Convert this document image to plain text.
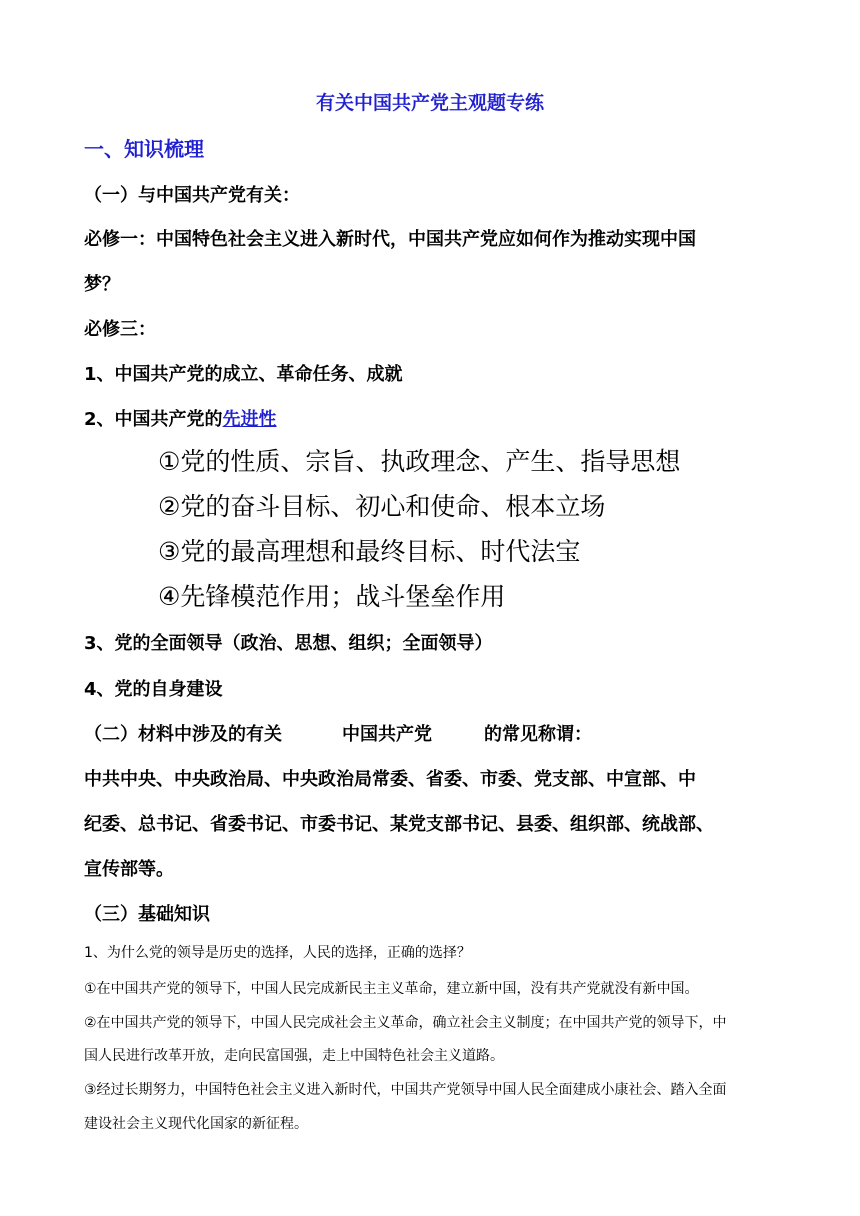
有关中国共产党主观题专练
一、知识梳理
（一）与中国共产党有关：
必修一：中国特色社会主义进入新时代，中国共产党应如何作为推动实现中国
梦？
必修三：
1、中国共产党的成立、革命任务、成就
2、中国共产党的先进性
①党的性质、宗旨、执政理念、产生、指导思想
②党的奋斗目标、初心和使命、根本立场
③党的最高理想和最终目标、时代法宝
④先锋模范作用；战斗堡垒作用
3、党的全面领导（政治、思想、组织；全面领导）
4、党的自身建设
（二）材料中涉及的有关	中国共产党	的常见称谓：
中共中央、中央政治局、中央政治局常委、省委、市委、党支部、中宣部、中
纪委、总书记、省委书记、市委书记、某党支部书记、县委、组织部、统战部、
宣传部等。
（三）基础知识
1、为什么党的领导是历史的选择，人民的选择，正确的选择？
①在中国共产党的领导下，中国人民完成新民主主义革命，建立新中国，没有共产党就没有新中国。
②在中国共产党的领导下，中国人民完成社会主义革命，确立社会主义制度；在中国共产党的领导下，中
国人民进行改革开放，走向民富国强，走上中国特色社会主义道路。
③经过长期努力，中国特色社会主义进入新时代，中国共产党领导中国人民全面建成小康社会、踏入全面
建设社会主义现代化国家的新征程。
